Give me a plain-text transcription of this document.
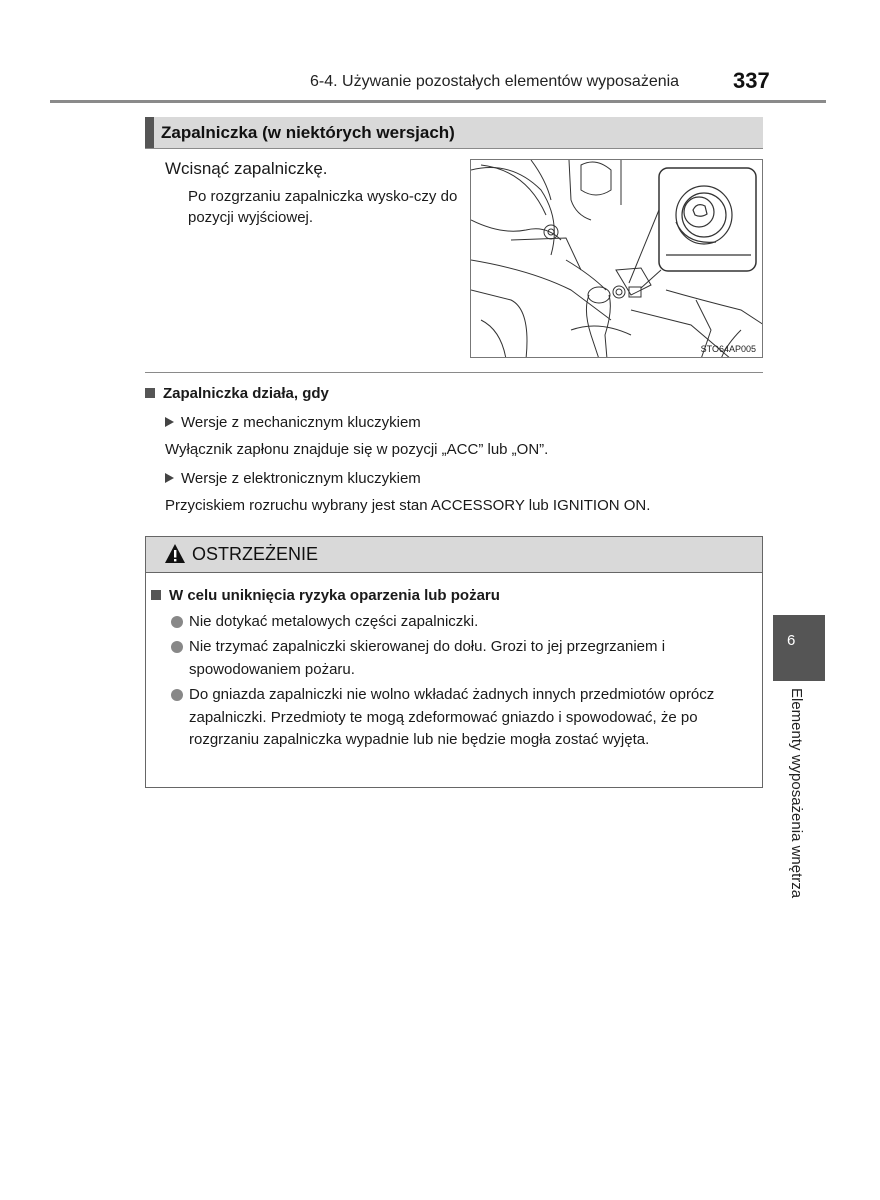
6-4. Używanie pozostałych elementów wyposażenia 337
Zapalniczka (w niektórych wersjach)
Wcisnąć zapalniczkę.
Po rozgrzaniu zapalniczka wysko-czy do pozycji wyjściowej.
STO64AP005
Zapalniczka działa, gdy
Wersje z mechanicznym kluczykiem
Wyłącznik zapłonu znajduje się w pozycji „ACC” lub „ON”.
Wersje z elektronicznym kluczykiem
Przyciskiem rozruchu wybrany jest stan ACCESSORY lub IGNITION ON.
OSTRZEŻENIE
W celu uniknięcia ryzyka oparzenia lub pożaru
Nie dotykać metalowych części zapalniczki.
Nie trzymać zapalniczki skierowanej do dołu. Grozi to jej przegrzaniem i spowodowaniem pożaru.
Do gniazda zapalniczki nie wolno wkładać żadnych innych przedmiotów oprócz zapalniczki. Przedmioty te mogą zdeformować gniazdo i spowodować, że po rozgrzaniu zapalniczka wypadnie lub nie będzie mogła zostać wyjęta.
6
Elementy wyposażenia wnętrza
